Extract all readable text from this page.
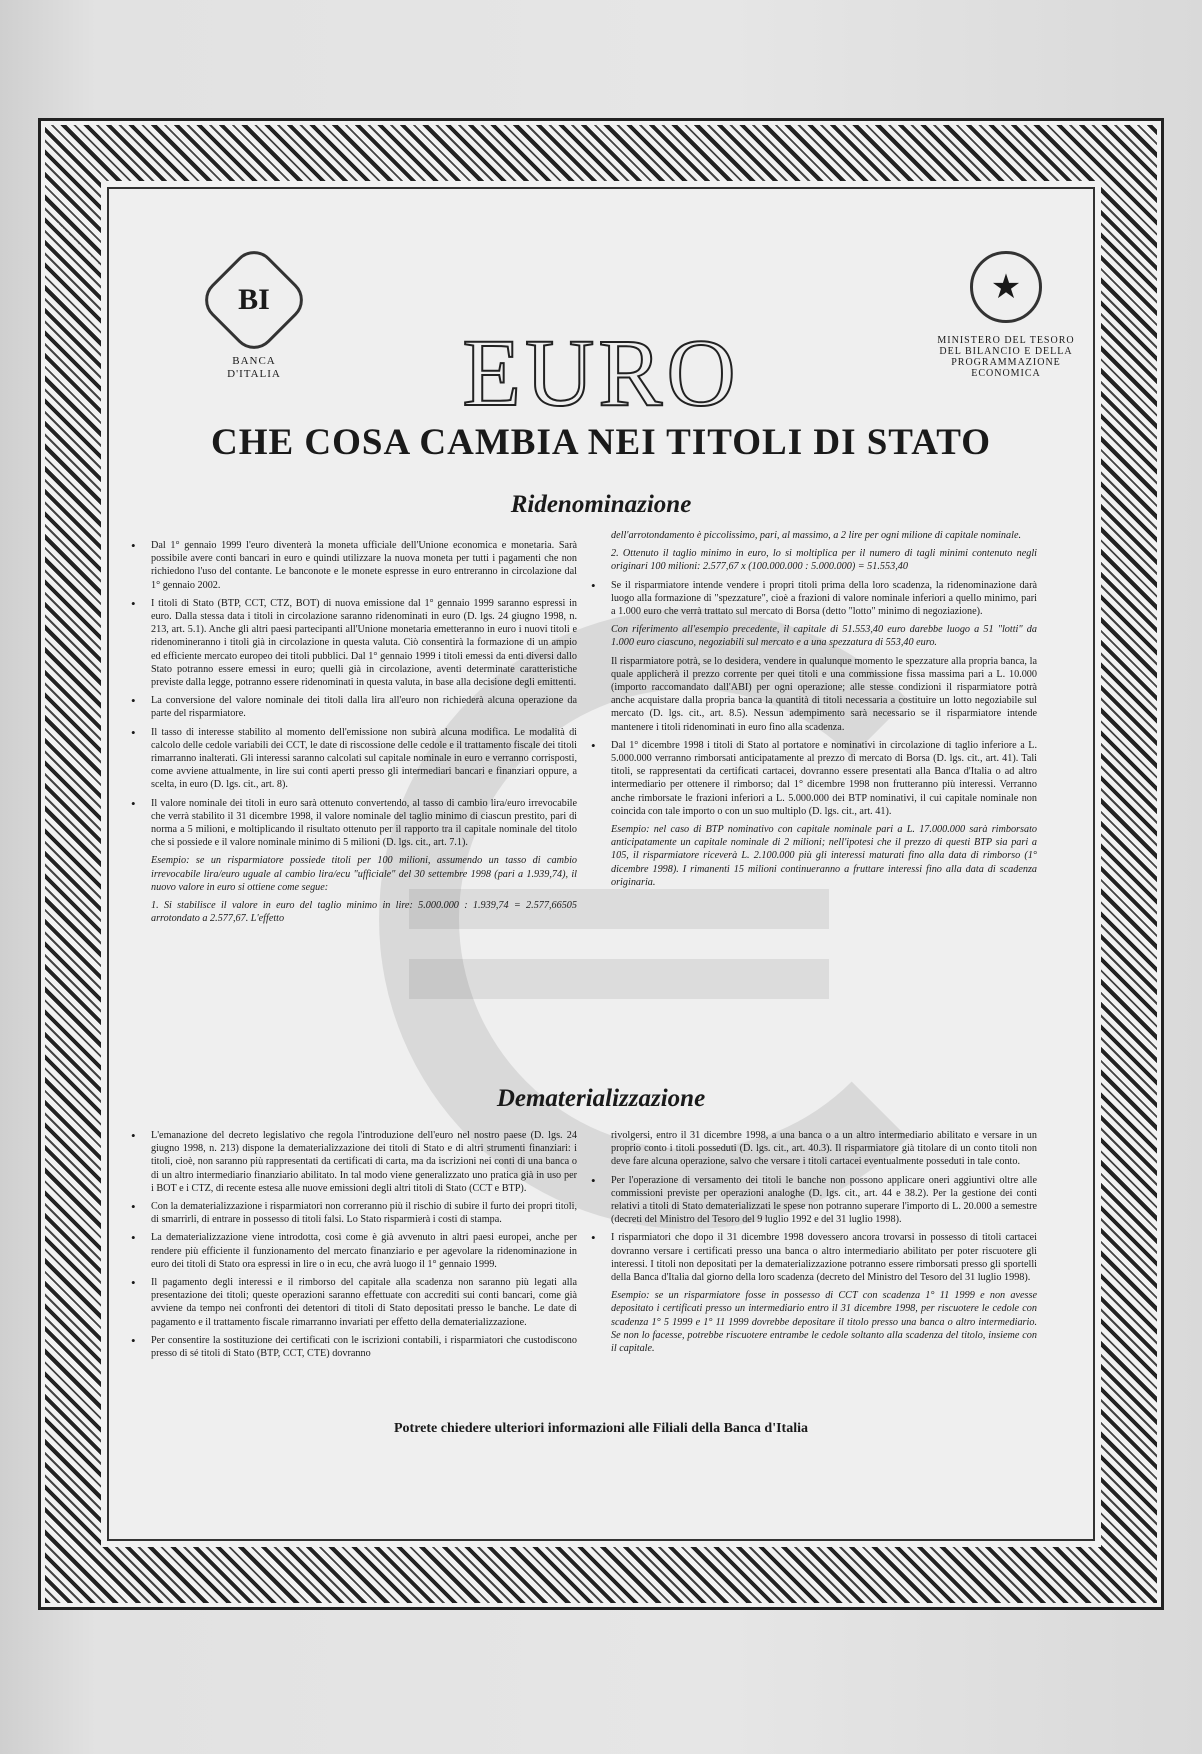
BI
BANCA
D'ITALIA
★
MINISTERO DEL TESORO
DEL BILANCIO E DELLA
PROGRAMMAZIONE
ECONOMICA
EURO
CHE COSA CAMBIA NEI TITOLI DI STATO
Ridenominazione

• Dal 1° gennaio 1999 l'euro diventerà la moneta ufficiale dell'Unione economica e monetaria. Sarà possibile avere conti bancari in euro e quindi utilizzare la nuova moneta per tutti i pagamenti che non richiedono l'uso del contante. Le banconote e le monete espresse in euro entreranno in circolazione dal 1° gennaio 2002.

• I titoli di Stato (BTP, CCT, CTZ, BOT) di nuova emissione dal 1° gennaio 1999 saranno espressi in euro. Dalla stessa data i titoli in circolazione saranno ridenominati in euro (D. lgs. 24 giugno 1998, n. 213, art. 5.1). Anche gli altri paesi partecipanti all'Unione monetaria emetteranno in euro i nuovi titoli e ridenomineranno i titoli già in circolazione in questa valuta. Ciò consentirà la formazione di un ampio ed efficiente mercato europeo dei titoli pubblici. Dal 1° gennaio 1999 i titoli emessi da enti diversi dallo Stato potranno essere emessi in euro; quelli già in circolazione, aventi determinate caratteristiche previste dalla legge, potranno essere ridenominati in questa valuta, in base alla decisione degli emittenti.

• La conversione del valore nominale dei titoli dalla lira all'euro non richiederà alcuna operazione da parte del risparmiatore.

• Il tasso di interesse stabilito al momento dell'emissione non subirà alcuna modifica. Le modalità di calcolo delle cedole variabili dei CCT, le date di riscossione delle cedole e il trattamento fiscale dei titoli rimarranno inalterati. Gli interessi saranno calcolati sul capitale nominale in euro e verranno corrisposti, come avviene attualmente, in lire sui conti aperti presso gli intermediari bancari e finanziari oppure, a scelta, in euro (D. lgs. cit., art. 8).

• Il valore nominale dei titoli in euro sarà ottenuto convertendo, al tasso di cambio lira/euro irrevocabile che verrà stabilito il 31 dicembre 1998, il valore nominale del taglio minimo di ciascun prestito, pari di norma a 5 milioni, e moltiplicando il risultato ottenuto per il rapporto tra il capitale nominale del titolo che si possiede e il valore nominale minimo di 5 milioni (D. lgs. cit., art. 7.1).

Esempio: se un risparmiatore possiede titoli per 100 milioni, assumendo un tasso di cambio irrevocabile lira/euro uguale al cambio lira/ecu "ufficiale" del 30 settembre 1998 (pari a 1.939,74), il nuovo valore in euro si ottiene come segue:

1. Si stabilisce il valore in euro del taglio minimo in lire: 5.000.000 : 1.939,74 = 2.577,66505 arrotondato a 2.577,67. L'effetto

dell'arrotondamento è piccolissimo, pari, al massimo, a 2 lire per ogni milione di capitale nominale.

2. Ottenuto il taglio minimo in euro, lo si moltiplica per il numero di tagli minimi contenuto negli originari 100 milioni: 2.577,67 x (100.000.000 : 5.000.000) = 51.553,40

• Se il risparmiatore intende vendere i propri titoli prima della loro scadenza, la ridenominazione darà luogo alla formazione di "spezzature", cioè a frazioni di valore nominale inferiori a quello minimo, pari a 1.000 euro che verrà trattato sul mercato di Borsa (detto "lotto" minimo di negoziazione).

Con riferimento all'esempio precedente, il capitale di 51.553,40 euro darebbe luogo a 51 "lotti" da 1.000 euro ciascuno, negoziabili sul mercato e a una spezzatura di 553,40 euro.

Il risparmiatore potrà, se lo desidera, vendere in qualunque momento le spezzature alla propria banca, la quale applicherà il prezzo corrente per quei titoli e una commissione fissa massima pari a L. 10.000 (importo raccomandato dall'ABI) per ogni operazione; alle stesse condizioni il risparmiatore potrà anche acquistare dalla propria banca la quantità di titoli necessaria a costituire un lotto negoziabile sul mercato (D. lgs. cit., art. 8.5). Nessun adempimento sarà necessario se il risparmiatore intende mantenere i titoli ridenominati in euro fino alla scadenza.

• Dal 1° dicembre 1998 i titoli di Stato al portatore e nominativi in circolazione di taglio inferiore a L. 5.000.000 verranno rimborsati anticipatamente al prezzo di mercato di Borsa (D. lgs. cit., art. 41). Tali titoli, se rappresentati da certificati cartacei, dovranno essere presentati alla Banca d'Italia o ad altro intermediario per ottenere il rimborso; dal 1° dicembre 1998 non frutteranno più interessi. Verranno anche rimborsate le frazioni inferiori a L. 5.000.000 dei BTP nominativi, il cui capitale nominale non coincida con tale importo o con un suo multiplo (D. lgs. cit., art. 41).

Esempio: nel caso di BTP nominativo con capitale nominale pari a L. 17.000.000 sarà rimborsato anticipatamente un capitale nominale di 2 milioni; nell'ipotesi che il prezzo di questi BTP sia pari a 105, il risparmiatore riceverà L. 2.100.000 più gli interessi maturati fino alla data di rimborso (1° dicembre 1998). I rimanenti 15 milioni continueranno a fruttare interessi fino alla data di scadenza originaria.

Dematerializzazione

• L'emanazione del decreto legislativo che regola l'introduzione dell'euro nel nostro paese (D. lgs. 24 giugno 1998, n. 213) dispone la dematerializzazione dei titoli di Stato e di altri strumenti finanziari: i titoli, cioè, non saranno più rappresentati da certificati di carta, ma da iscrizioni nei conti di una banca o di un altro intermediario finanziario abilitato. In tal modo viene generalizzato uno pratica già in uso per i BOT e i CTZ, di recente estesa alle nuove emissioni degli altri titoli di Stato (CCT e BTP).

• Con la dematerializzazione i risparmiatori non correranno più il rischio di subire il furto dei propri titoli, di smarrirli, di entrare in possesso di titoli falsi. Lo Stato risparmierà i costi di stampa.

• La dematerializzazione viene introdotta, così come è già avvenuto in altri paesi europei, anche per rendere più efficiente il funzionamento del mercato finanziario e per agevolare la ridenominazione in euro dei titoli di Stato ora espressi in lire o in ecu, che avrà luogo il 1° gennaio 1999.

• Il pagamento degli interessi e il rimborso del capitale alla scadenza non saranno più legati alla presentazione dei titoli; queste operazioni saranno effettuate con accrediti sui conti bancari, come già avviene da tempo nei confronti dei detentori di titoli di Stato depositati presso le banche. Le date di pagamento e il trattamento fiscale rimarranno invariati per effetto della dematerializzazione.

• Per consentire la sostituzione dei certificati con le iscrizioni contabili, i risparmiatori che custodiscono presso di sé titoli di Stato (BTP, CCT, CTE) dovranno

rivolgersi, entro il 31 dicembre 1998, a una banca o a un altro intermediario abilitato e versare in un proprio conto i titoli posseduti (D. lgs. cit., art. 40.3). Il risparmiatore già titolare di un conto titoli non deve fare alcuna operazione, salvo che versare i titoli cartacei eventualmente posseduti in tale conto.

• Per l'operazione di versamento dei titoli le banche non possono applicare oneri aggiuntivi oltre alle commissioni previste per operazioni analoghe (D. lgs. cit., art. 44 e 38.2). Per la gestione dei conti relativi a titoli di Stato dematerializzati le spese non potranno superare l'importo di L. 20.000 a semestre (decreti del Ministro del Tesoro del 9 luglio 1992 e del 31 luglio 1998).

• I risparmiatori che dopo il 31 dicembre 1998 dovessero ancora trovarsi in possesso di titoli cartacei dovranno versare i certificati presso una banca o altro intermediario abilitato per poter riscuotere gli interessi. I titoli non depositati per la dematerializzazione potranno essere rimborsati presso gli sportelli della Banca d'Italia dal giorno della loro scadenza (decreto del Ministro del Tesoro del 31 luglio 1998).

Esempio: se un risparmiatore fosse in possesso di CCT con scadenza 1° 11 1999 e non avesse depositato i certificati presso un intermediario entro il 31 dicembre 1998, per riscuotere le cedole con scadenza 1° 5 1999 e 1° 11 1999 dovrebbe depositare il titolo presso una banca o altro intermediario. Se non lo facesse, potrebbe riscuotere entrambe le cedole soltanto alla scadenza del titolo, insieme con il capitale.

Potrete chiedere ulteriori informazioni alle Filiali della Banca d'Italia
